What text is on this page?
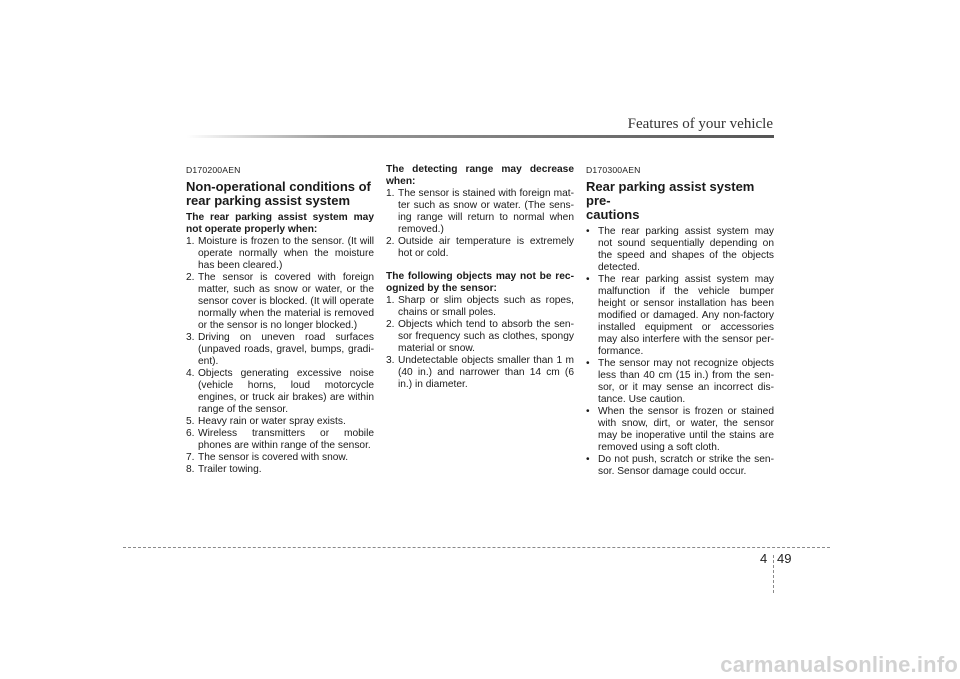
Features of your vehicle
D170200AEN
Non-operational conditions of
rear parking assist system

The rear parking assist system may not operate properly when:

1. Moisture is frozen to the sensor. (It will operate normally when the moisture has been cleared.)
2. The sensor is covered with foreign matter, such as snow or water, or the sensor cover is blocked. (It will operate normally when the material is removed or the sensor is no longer blocked.)
3. Driving on uneven road surfaces (unpaved roads, gravel, bumps, gradi- ent).
4. Objects generating excessive noise (vehicle horns, loud motorcycle engines, or truck air brakes) are within range of the sensor.
5. Heavy rain or water spray exists.
6. Wireless transmitters or mobile phones are within range of the sensor.
7. The sensor is covered with snow.
8. Trailer towing.

The detecting range may decrease when:

1. The sensor is stained with foreign mat- ter such as snow or water. (The sens- ing range will return to normal when removed.)
2. Outside air temperature is extremely hot or cold.

The following objects may not be rec- ognized by the sensor:

1. Sharp or slim objects such as ropes, chains or small poles.
2. Objects which tend to absorb the sen- sor frequency such as clothes, spongy material or snow.
3. Undetectable objects smaller than 1 m (40 in.) and narrower than 14 cm (6 in.) in diameter.
D170300AEN
Rear parking assist system pre-
cautions
• The rear parking assist system may not sound sequentially depending on the speed and shapes of the objects detected.
• The rear parking assist system may malfunction if the vehicle bumper height or sensor installation has been modified or damaged. Any non-factory installed equipment or accessories may also interfere with the sensor per- formance.
• The sensor may not recognize objects less than 40 cm (15 in.) from the sen- sor, or it may sense an incorrect dis- tance. Use caution.
• When the sensor is frozen or stained with snow, dirt, or water, the sensor may be inoperative until the stains are removed using a soft cloth.
• Do not push, scratch or strike the sen- sor. Sensor damage could occur.
4 49
carmanualsonline.info
